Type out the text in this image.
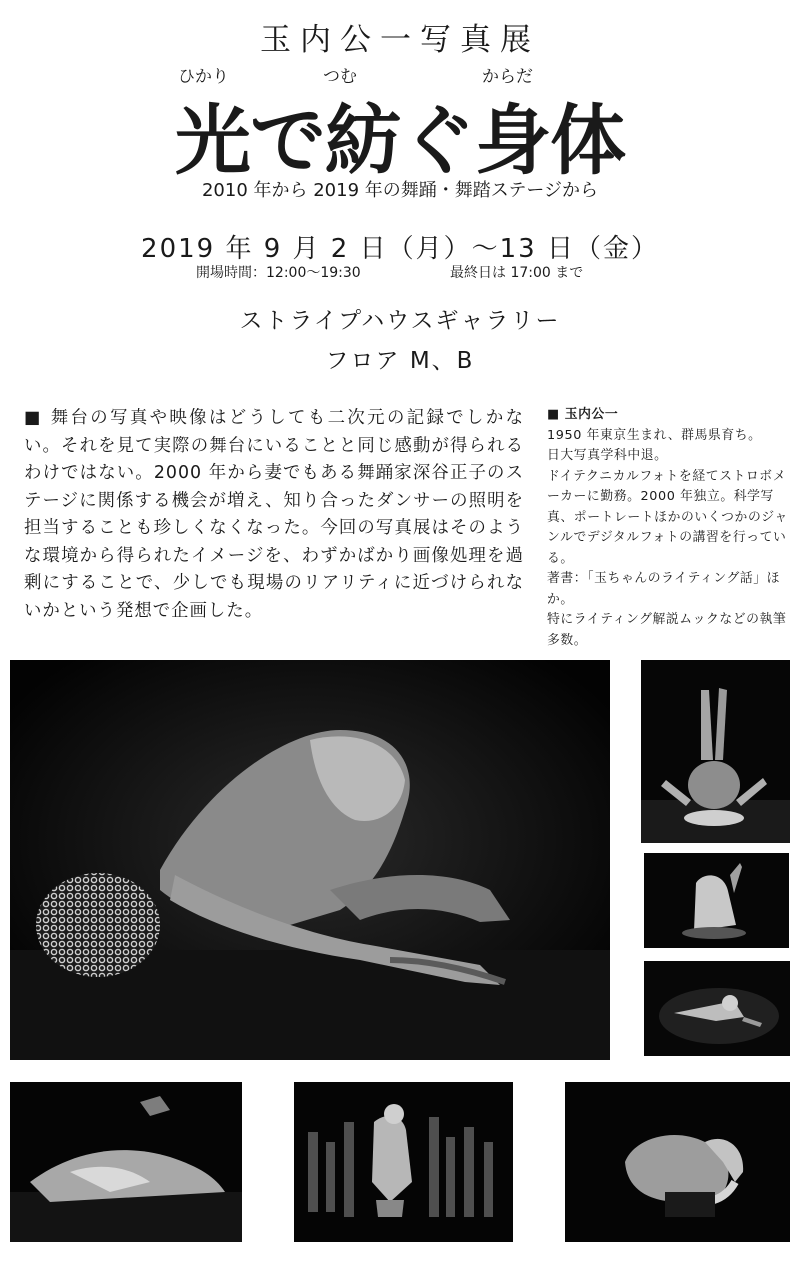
玉内公一写真展
ひかり	つむ	からだ
光で紡ぐ身体
2010 年から 2019 年の舞踊・舞踏ステージから
2019 年 9 月 2 日（月）〜13 日（金）
開場時間：12:00〜19:30	最終日は 17:00 まで
ストライプハウスギャラリー
フロア M、B
■ 舞台の写真や映像はどうしても二次元の記録でしかない。それを見て実際の舞台にいることと同じ感動が得られるわけではない。2000 年から妻でもある舞踊家深谷正子のステージに関係する機会が増え、知り合ったダンサーの照明を担当することも珍しくなくなった。今回の写真展はそのような環境から得られたイメージを、わずかばかり画像処理を過剰にすることで、少しでも現場のリアリティに近づけられないかという発想で企画した。

■ 玉内公一

1950 年東京生まれ、群馬県育ち。

日大写真学科中退。

ドイテクニカルフォトを経てストロボメーカーに勤務。2000 年独立。科学写真、ポートレートほかのいくつかのジャンルでデジタルフォトの講習を行っている。

著書：「玉ちゃんのライティング話」ほか。

特にライティング解説ムックなどの執筆多数。
